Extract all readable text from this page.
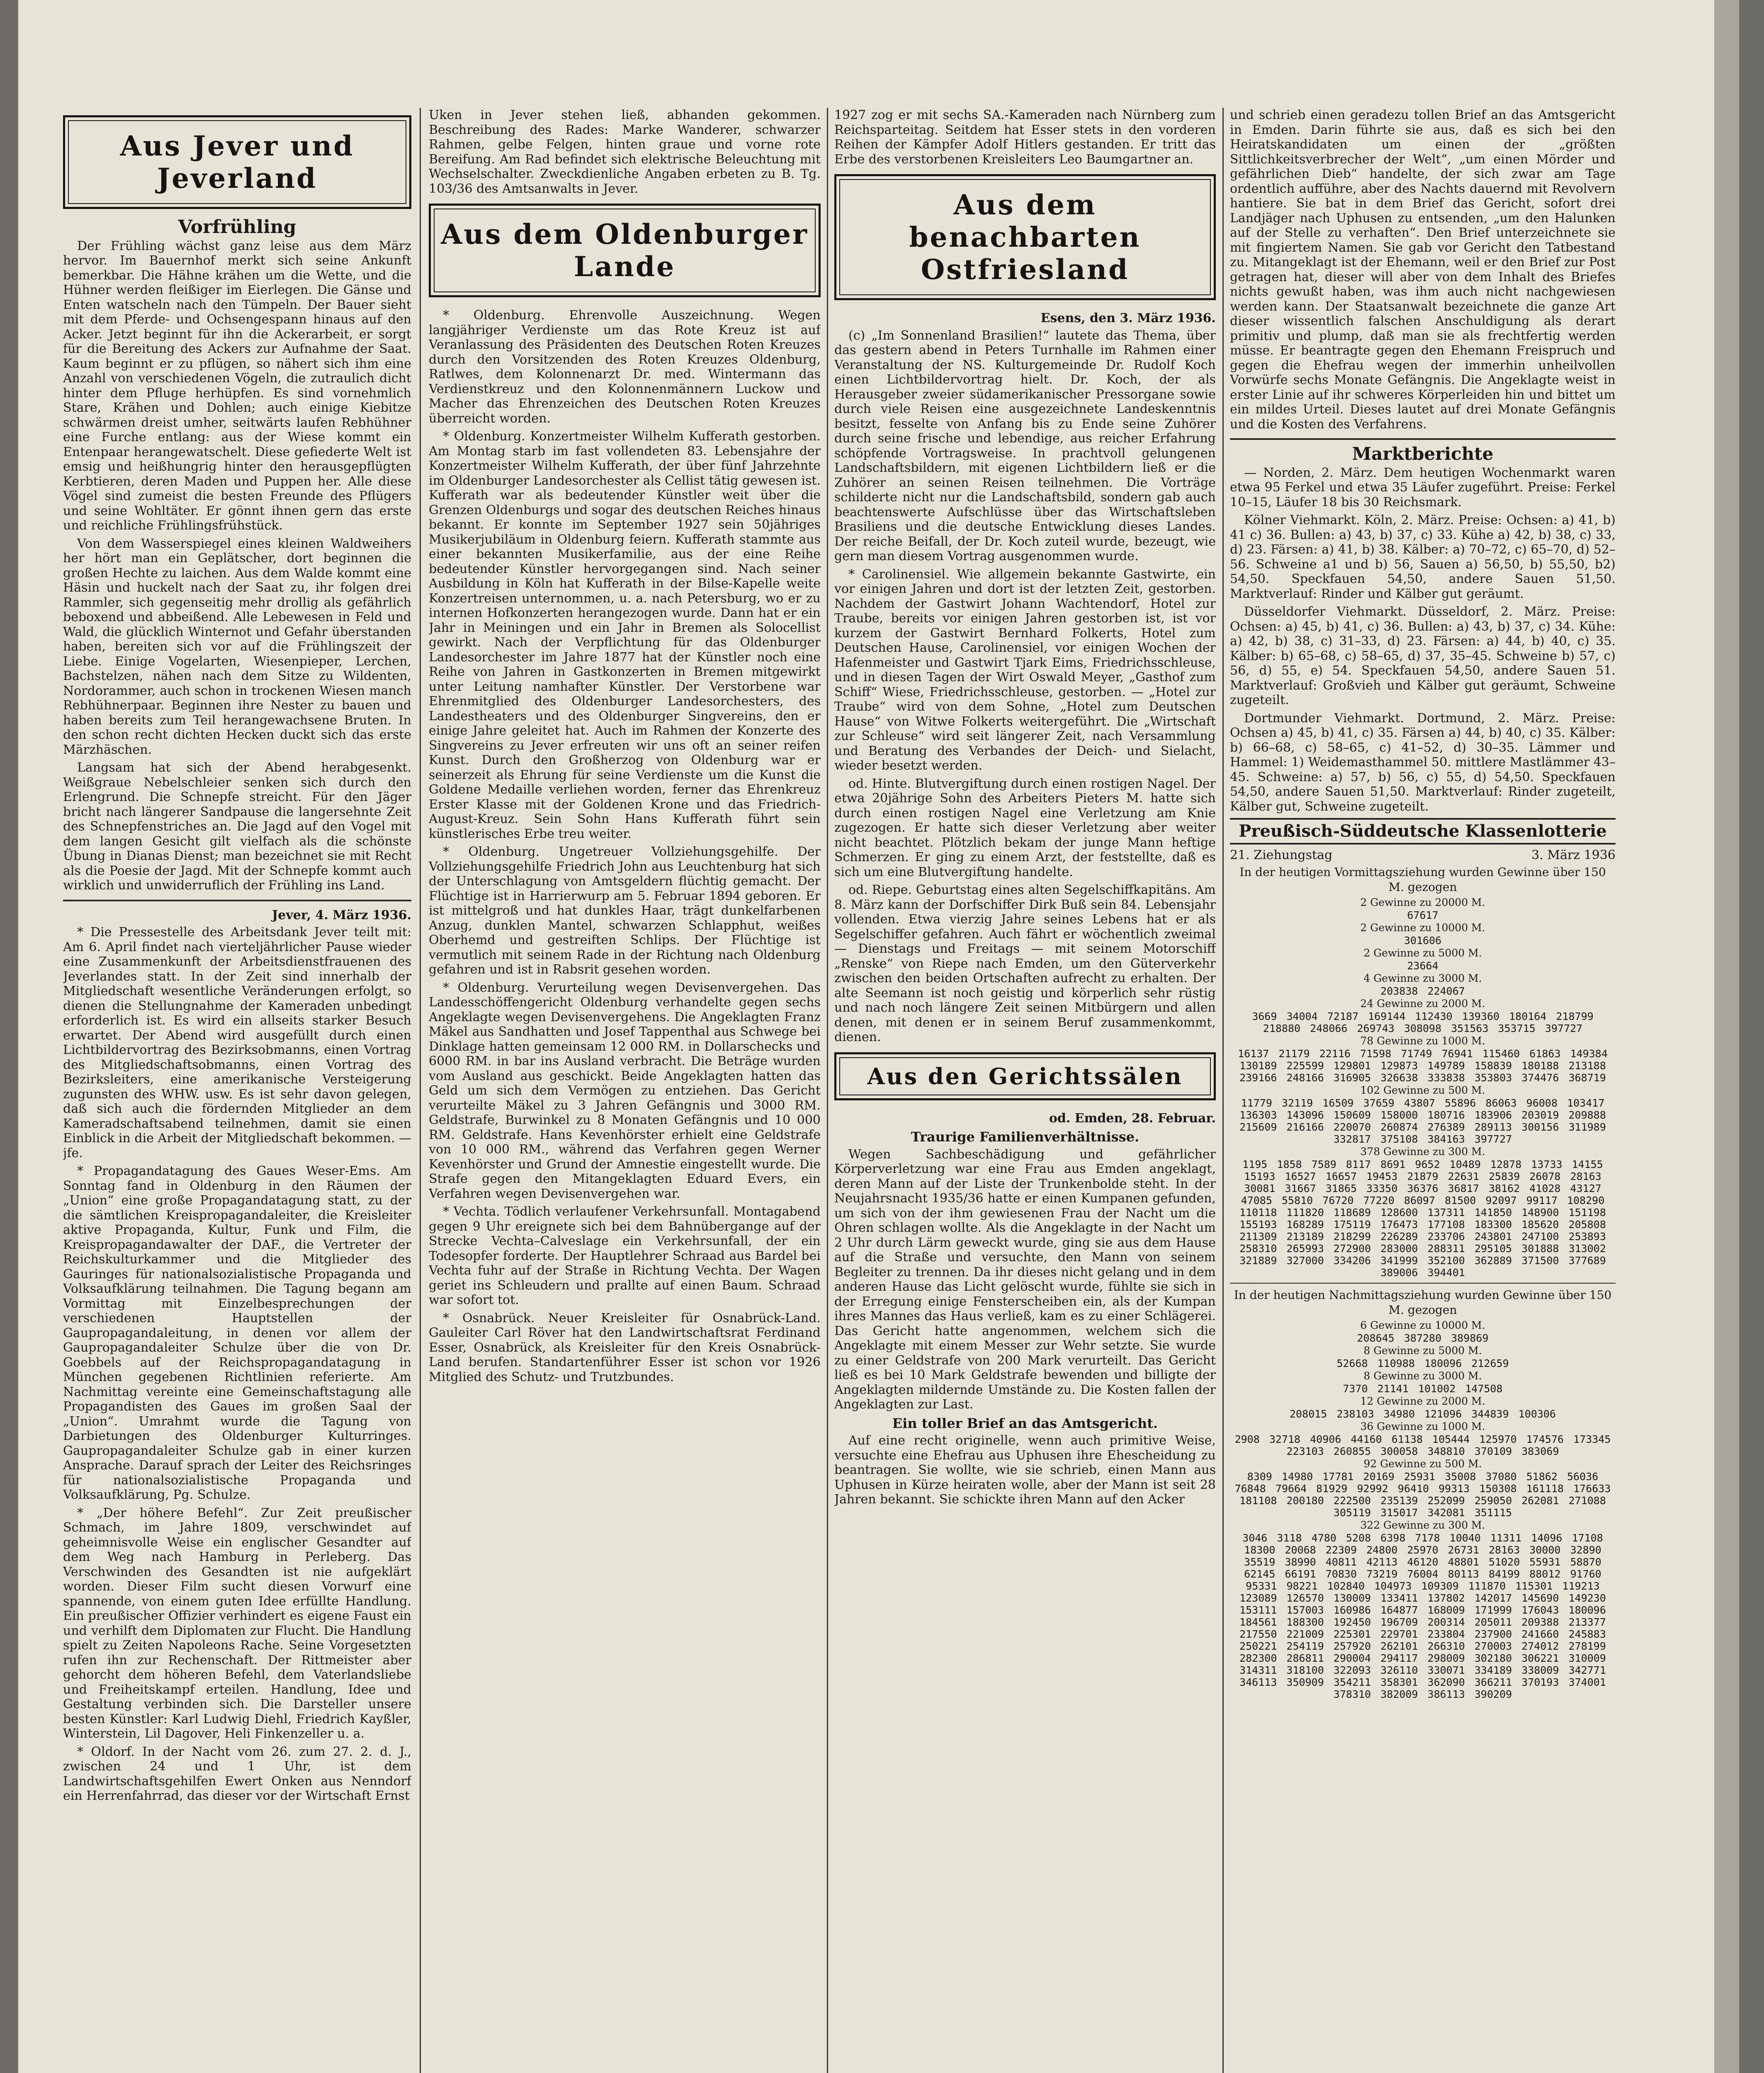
Aus Jever und Jeverland
Vorfrühling

Der Frühling wächst ganz leise aus dem März hervor. Im Bauernhof merkt sich seine Ankunft bemerkbar. Die Hähne krähen um die Wette, und die Hühner werden fleißiger im Eierlegen. Die Gänse und Enten watscheln nach den Tümpeln. Der Bauer sieht mit dem Pferde- und Ochsengespann hinaus auf den Acker. Jetzt beginnt für ihn die Ackerarbeit, er sorgt für die Bereitung des Ackers zur Aufnahme der Saat. Kaum beginnt er zu pflügen, so nähert sich ihm eine Anzahl von verschiedenen Vögeln, die zutraulich dicht hinter dem Pfluge herhüpfen. Es sind vornehmlich Stare, Krähen und Dohlen; auch einige Kiebitze schwärmen dreist umher, seitwärts laufen Rebhühner eine Furche entlang: aus der Wiese kommt ein Entenpaar herangewatschelt. Diese gefiederte Welt ist emsig und heißhungrig hinter den herausgepflügten Kerbtieren, deren Maden und Puppen her. Alle diese Vögel sind zumeist die besten Freunde des Pflügers und seine Wohltäter. Er gönnt ihnen gern das erste und reichliche Frühlingsfrühstück.

Von dem Wasserspiegel eines kleinen Waldweihers her hört man ein Geplätscher, dort beginnen die großen Hechte zu laichen. Aus dem Walde kommt eine Häsin und huckelt nach der Saat zu, ihr folgen drei Rammler, sich gegenseitig mehr drollig als gefährlich beboxend und abbeißend. Alle Lebewesen in Feld und Wald, die glücklich Winternot und Gefahr überstanden haben, bereiten sich vor auf die Frühlingszeit der Liebe. Einige Vogelarten, Wiesenpieper, Lerchen, Bachstelzen, nähen nach dem Sitze zu Wildenten, Nordorammer, auch schon in trockenen Wiesen manch Rebhühnerpaar. Beginnen ihre Nester zu bauen und haben bereits zum Teil herangewachsene Bruten. In den schon recht dichten Hecken duckt sich das erste Märzhäschen.

Langsam hat sich der Abend herabgesenkt. Weißgraue Nebelschleier senken sich durch den Erlengrund. Die Schnepfe streicht. Für den Jäger bricht nach längerer Sandpause die langersehnte Zeit des Schnepfenstriches an. Die Jagd auf den Vogel mit dem langen Gesicht gilt vielfach als die schönste Übung in Dianas Dienst; man bezeichnet sie mit Recht als die Poesie der Jagd. Mit der Schnepfe kommt auch wirklich und unwiderruflich der Frühling ins Land.

Jever, 4. März 1936.

* Die Pressestelle des Arbeitsdank Jever teilt mit: Am 6. April findet nach vierteljährlicher Pause wieder eine Zusammenkunft der Arbeitsdienstfrauenen des Jeverlandes statt. In der Zeit sind innerhalb der Mitgliedschaft wesentliche Veränderungen erfolgt, so dienen die Stellungnahme der Kameraden unbedingt erforderlich ist. Es wird ein allseits starker Besuch erwartet. Der Abend wird ausgefüllt durch einen Lichtbildervortrag des Bezirksobmanns, einen Vortrag des Mitgliedschaftsobmanns, einen Vortrag des Bezirksleiters, eine amerikanische Versteigerung zugunsten des WHW. usw. Es ist sehr davon gelegen, daß sich auch die fördernden Mitglieder an dem Kameradschaftsabend teilnehmen, damit sie einen Einblick in die Arbeit der Mitgliedschaft bekommen. —jfe.

* Propagandatagung des Gaues Weser-Ems. Am Sonntag fand in Oldenburg in den Räumen der „Union“ eine große Propagandatagung statt, zu der die sämtlichen Kreispropagandaleiter, die Kreisleiter aktive Propaganda, Kultur, Funk und Film, die Kreispropagandawalter der DAF., die Vertreter der Reichskulturkammer und die Mitglieder des Gauringes für nationalsozialistische Propaganda und Volksaufklärung teilnahmen. Die Tagung begann am Vormittag mit Einzelbesprechungen der verschiedenen Hauptstellen der Gaupropagandaleitung, in denen vor allem der Gaupropagandaleiter Schulze über die von Dr. Goebbels auf der Reichspropagandatagung in München gegebenen Richtlinien referierte. Am Nachmittag vereinte eine Gemeinschaftstagung alle Propagandisten des Gaues im großen Saal der „Union“. Umrahmt wurde die Tagung von Darbietungen des Oldenburger Kulturringes. Gaupropagandaleiter Schulze gab in einer kurzen Ansprache. Darauf sprach der Leiter des Reichsringes für nationalsozialistische Propaganda und Volksaufklärung, Pg. Schulze.

* „Der höhere Befehl“. Zur Zeit preußischer Schmach, im Jahre 1809, verschwindet auf geheimnisvolle Weise ein englischer Gesandter auf dem Weg nach Hamburg in Perleberg. Das Verschwinden des Gesandten ist nie aufgeklärt worden. Dieser Film sucht diesen Vorwurf eine spannende, von einem guten Idee erfüllte Handlung. Ein preußischer Offizier verhindert es eigene Faust ein und verhilft dem Diplomaten zur Flucht. Die Handlung spielt zu Zeiten Napoleons Rache. Seine Vorgesetzten rufen ihn zur Rechenschaft. Der Rittmeister aber gehorcht dem höheren Befehl, dem Vaterlandsliebe und Freiheitskampf erteilen. Handlung, Idee und Gestaltung verbinden sich. Die Darsteller unsere besten Künstler: Karl Ludwig Diehl, Friedrich Kayßler, Winterstein, Lil Dagover, Heli Finkenzeller u. a.

* Oldorf. In der Nacht vom 26. zum 27. 2. d. J., zwischen 24 und 1 Uhr, ist dem Landwirtschaftsgehilfen Ewert Onken aus Nenndorf ein Herrenfahrrad, das dieser vor der Wirtschaft Ernst

Uken in Jever stehen ließ, abhanden gekommen. Beschreibung des Rades: Marke Wanderer, schwarzer Rahmen, gelbe Felgen, hinten graue und vorne rote Bereifung. Am Rad befindet sich elektrische Beleuchtung mit Wechselschalter. Zweckdienliche Angaben erbeten zu B. Tg. 103/36 des Amtsanwalts in Jever.

Aus dem Oldenburger Lande

* Oldenburg. Ehrenvolle Auszeichnung. Wegen langjähriger Verdienste um das Rote Kreuz ist auf Veranlassung des Präsidenten des Deutschen Roten Kreuzes durch den Vorsitzenden des Roten Kreuzes Oldenburg, Ratlwes, dem Kolonnenarzt Dr. med. Wintermann das Verdienstkreuz und den Kolonnenmännern Luckow und Macher das Ehrenzeichen des Deutschen Roten Kreuzes überreicht worden.

* Oldenburg. Konzertmeister Wilhelm Kufferath gestorben. Am Montag starb im fast vollendeten 83. Lebensjahre der Konzertmeister Wilhelm Kufferath, der über fünf Jahrzehnte im Oldenburger Landesorchester als Cellist tätig gewesen ist. Kufferath war als bedeutender Künstler weit über die Grenzen Oldenburgs und sogar des deutschen Reiches hinaus bekannt. Er konnte im September 1927 sein 50jähriges Musikerjubiläum in Oldenburg feiern. Kufferath stammte aus einer bekannten Musikerfamilie, aus der eine Reihe bedeutender Künstler hervorgegangen sind. Nach seiner Ausbildung in Köln hat Kufferath in der Bilse-Kapelle weite Konzertreisen unternommen, u. a. nach Petersburg, wo er zu internen Hofkonzerten herangezogen wurde. Dann hat er ein Jahr in Meiningen und ein Jahr in Bremen als Solocellist gewirkt. Nach der Verpflichtung für das Oldenburger Landesorchester im Jahre 1877 hat der Künstler noch eine Reihe von Jahren in Gastkonzerten in Bremen mitgewirkt unter Leitung namhafter Künstler. Der Verstorbene war Ehrenmitglied des Oldenburger Landesorchesters, des Landestheaters und des Oldenburger Singvereins, den er einige Jahre geleitet hat. Auch im Rahmen der Konzerte des Singvereins zu Jever erfreuten wir uns oft an seiner reifen Kunst. Durch den Großherzog von Oldenburg war er seinerzeit als Ehrung für seine Verdienste um die Kunst die Goldene Medaille verliehen worden, ferner das Ehrenkreuz Erster Klasse mit der Goldenen Krone und das Friedrich-August-Kreuz. Sein Sohn Hans Kufferath führt sein künstlerisches Erbe treu weiter.

* Oldenburg. Ungetreuer Vollziehungsgehilfe. Der Vollziehungsgehilfe Friedrich John aus Leuchtenburg hat sich der Unterschlagung von Amtsgeldern flüchtig gemacht. Der Flüchtige ist in Harrierwurp am 5. Februar 1894 geboren. Er ist mittelgroß und hat dunkles Haar, trägt dunkelfarbenen Anzug, dunklen Mantel, schwarzen Schlapphut, weißes Oberhemd und gestreiften Schlips. Der Flüchtige ist vermutlich mit seinem Rade in der Richtung nach Oldenburg gefahren und ist in Rabsrit gesehen worden.

* Oldenburg. Verurteilung wegen Devisenvergehen. Das Landesschöffengericht Oldenburg verhandelte gegen sechs Angeklagte wegen Devisenvergehens. Die Angeklagten Franz Mäkel aus Sandhatten und Josef Tappenthal aus Schwege bei Dinklage hatten gemeinsam 12 000 RM. in Dollarschecks und 6000 RM. in bar ins Ausland verbracht. Die Beträge wurden vom Ausland aus geschickt. Beide Angeklagten hatten das Geld um sich dem Vermögen zu entziehen. Das Gericht verurteilte Mäkel zu 3 Jahren Gefängnis und 3000 RM. Geldstrafe, Burwinkel zu 8 Monaten Gefängnis und 10 000 RM. Geldstrafe. Hans Kevenhörster erhielt eine Geldstrafe von 10 000 RM., während das Verfahren gegen Werner Kevenhörster und Grund der Amnestie eingestellt wurde. Die Strafe gegen den Mitangeklagten Eduard Evers, ein Verfahren wegen Devisenvergehen war.

* Vechta. Tödlich verlaufener Verkehrsunfall. Montagabend gegen 9 Uhr ereignete sich bei dem Bahnübergange auf der Strecke Vechta–Calveslage ein Verkehrsunfall, der ein Todesopfer forderte. Der Hauptlehrer Schraad aus Bardel bei Vechta fuhr auf der Straße in Richtung Vechta. Der Wagen geriet ins Schleudern und prallte auf einen Baum. Schraad war sofort tot.

* Osnabrück. Neuer Kreisleiter für Osnabrück-Land. Gauleiter Carl Röver hat den Landwirtschaftsrat Ferdinand Esser, Osnabrück, als Kreisleiter für den Kreis Osnabrück-Land berufen. Standartenführer Esser ist schon vor 1926 Mitglied des Schutz- und Trutzbundes.

1927 zog er mit sechs SA.-Kameraden nach Nürnberg zum Reichsparteitag. Seitdem hat Esser stets in den vorderen Reihen der Kämpfer Adolf Hitlers gestanden. Er tritt das Erbe des verstorbenen Kreisleiters Leo Baumgartner an.

Aus dem benachbarten Ostfriesland
Esens, den 3. März 1936.

(c) „Im Sonnenland Brasilien!“ lautete das Thema, über das gestern abend in Peters Turnhalle im Rahmen einer Veranstaltung der NS. Kulturgemeinde Dr. Rudolf Koch einen Lichtbildervortrag hielt. Dr. Koch, der als Herausgeber zweier südamerikanischer Pressorgane sowie durch viele Reisen eine ausgezeichnete Landeskenntnis besitzt, fesselte von Anfang bis zu Ende seine Zuhörer durch seine frische und lebendige, aus reicher Erfahrung schöpfende Vortragsweise. In prachtvoll gelungenen Landschaftsbildern, mit eigenen Lichtbildern ließ er die Zuhörer an seinen Reisen teilnehmen. Die Vorträge schilderte nicht nur die Landschaftsbild, sondern gab auch beachtenswerte Aufschlüsse über das Wirtschaftsleben Brasiliens und die deutsche Entwicklung dieses Landes. Der reiche Beifall, der Dr. Koch zuteil wurde, bezeugt, wie gern man diesem Vortrag ausgenommen wurde.

* Carolinensiel. Wie allgemein bekannte Gastwirte, ein vor einigen Jahren und dort ist der letzten Zeit, gestorben. Nachdem der Gastwirt Johann Wachtendorf, Hotel zur Traube, bereits vor einigen Jahren gestorben ist, ist vor kurzem der Gastwirt Bernhard Folkerts, Hotel zum Deutschen Hause, Carolinensiel, vor einigen Wochen der Hafenmeister und Gastwirt Tjark Eims, Friedrichsschleuse, und in diesen Tagen der Wirt Oswald Meyer, „Gasthof zum Schiff“ Wiese, Friedrichsschleuse, gestorben. — „Hotel zur Traube“ wird von dem Sohne, „Hotel zum Deutschen Hause“ von Witwe Folkerts weitergeführt. Die „Wirtschaft zur Schleuse“ wird seit längerer Zeit, nach Versammlung und Beratung des Verbandes der Deich- und Sielacht, wieder besetzt werden.

od. Hinte. Blutvergiftung durch einen rostigen Nagel. Der etwa 20jährige Sohn des Arbeiters Pieters M. hatte sich durch einen rostigen Nagel eine Verletzung am Knie zugezogen. Er hatte sich dieser Verletzung aber weiter nicht beachtet. Plötzlich bekam der junge Mann heftige Schmerzen. Er ging zu einem Arzt, der feststellte, daß es sich um eine Blutvergiftung handelte.

od. Riepe. Geburtstag eines alten Segelschiffkapitäns. Am 8. März kann der Dorfschiffer Dirk Buß sein 84. Lebensjahr vollenden. Etwa vierzig Jahre seines Lebens hat er als Segelschiffer gefahren. Auch fährt er wöchentlich zweimal — Dienstags und Freitags — mit seinem Motorschiff „Renske“ von Riepe nach Emden, um den Güterverkehr zwischen den beiden Ortschaften aufrecht zu erhalten. Der alte Seemann ist noch geistig und körperlich sehr rüstig und nach noch längere Zeit seinen Mitbürgern und allen denen, mit denen er in seinem Beruf zusammenkommt, dienen.

Aus den Gerichtssälen
od. Emden, 28. Februar.
Traurige Familienverhältnisse.

Wegen Sachbeschädigung und gefährlicher Körperverletzung war eine Frau aus Emden angeklagt, deren Mann auf der Liste der Trunkenbolde steht. In der Neujahrsnacht 1935/36 hatte er einen Kumpanen gefunden, um sich von der ihm gewiesenen Frau der Nacht um die Ohren schlagen wollte. Als die Angeklagte in der Nacht um 2 Uhr durch Lärm geweckt wurde, ging sie aus dem Hause auf die Straße und versuchte, den Mann von seinem Begleiter zu trennen. Da ihr dieses nicht gelang und in dem anderen Hause das Licht gelöscht wurde, fühlte sie sich in der Erregung einige Fensterscheiben ein, als der Kumpan ihres Mannes das Haus verließ, kam es zu einer Schlägerei. Das Gericht hatte angenommen, welchem sich die Angeklagte mit einem Messer zur Wehr setzte. Sie wurde zu einer Geldstrafe von 200 Mark verurteilt. Das Gericht ließ es bei 10 Mark Geldstrafe bewenden und billigte der Angeklagten mildernde Umstände zu. Die Kosten fallen der Angeklagten zur Last.

Ein toller Brief an das Amtsgericht.

Auf eine recht originelle, wenn auch primitive Weise, versuchte eine Ehefrau aus Uphusen ihre Ehescheidung zu beantragen. Sie wollte, wie sie schrieb, einen Mann aus Uphusen in Kürze heiraten wolle, aber der Mann ist seit 28 Jahren bekannt. Sie schickte ihren Mann auf den Acker

und schrieb einen geradezu tollen Brief an das Amtsgericht in Emden. Darin führte sie aus, daß es sich bei den Heiratskandidaten um einen der „größten Sittlichkeitsverbrecher der Welt“, „um einen Mörder und gefährlichen Dieb“ handelte, der sich zwar am Tage ordentlich aufführe, aber des Nachts dauernd mit Revolvern hantiere. Sie bat in dem Brief das Gericht, sofort drei Landjäger nach Uphusen zu entsenden, „um den Halunken auf der Stelle zu verhaften“. Den Brief unterzeichnete sie mit fingiertem Namen. Sie gab vor Gericht den Tatbestand zu. Mitangeklagt ist der Ehemann, weil er den Brief zur Post getragen hat, dieser will aber von dem Inhalt des Briefes nichts gewußt haben, was ihm auch nicht nachgewiesen werden kann. Der Staatsanwalt bezeichnete die ganze Art dieser wissentlich falschen Anschuldigung als derart primitiv und plump, daß man sie als frechtfertig werden müsse. Er beantragte gegen den Ehemann Freispruch und gegen die Ehefrau wegen der immerhin unheilvollen Vorwürfe sechs Monate Gefängnis. Die Angeklagte weist in erster Linie auf ihr schweres Körperleiden hin und bittet um ein mildes Urteil. Dieses lautet auf drei Monate Gefängnis und die Kosten des Verfahrens.

Marktberichte

— Norden, 2. März. Dem heutigen Wochenmarkt waren etwa 95 Ferkel und etwa 35 Läufer zugeführt. Preise: Ferkel 10–15, Läufer 18 bis 30 Reichsmark.

Kölner Viehmarkt. Köln, 2. März. Preise: Ochsen: a) 41, b) 41 c) 36. Bullen: a) 43, b) 37, c) 33. Kühe a) 42, b) 38, c) 33, d) 23. Färsen: a) 41, b) 38. Kälber: a) 70–72, c) 65–70, d) 52–56. Schweine a1 und b) 56, Sauen a) 56,50, b) 55,50, b2) 54,50. Speckfauen 54,50, andere Sauen 51,50. Marktverlauf: Rinder und Kälber gut geräumt.

Düsseldorfer Viehmarkt. Düsseldorf, 2. März. Preise: Ochsen: a) 45, b) 41, c) 36. Bullen: a) 43, b) 37, c) 34. Kühe: a) 42, b) 38, c) 31–33, d) 23. Färsen: a) 44, b) 40, c) 35. Kälber: b) 65–68, c) 58–65, d) 37, 35–45. Schweine b) 57, c) 56, d) 55, e) 54. Speckfauen 54,50, andere Sauen 51. Marktverlauf: Großvieh und Kälber gut geräumt, Schweine zugeteilt.

Dortmunder Viehmarkt. Dortmund, 2. März. Preise: Ochsen a) 45, b) 41, c) 35. Färsen a) 44, b) 40, c) 35. Kälber: b) 66–68, c) 58–65, c) 41–52, d) 30–35. Lämmer und Hammel: 1) Weidemasthammel 50. mittlere Mastlämmer 43–45. Schweine: a) 57, b) 56, c) 55, d) 54,50. Speckfauen 54,50, andere Sauen 51,50. Marktverlauf: Rinder zugeteilt, Kälber gut, Schweine zugeteilt.

Preußisch-Süddeutsche Klassenlotterie
21. Ziehungstag	3. März 1936
In der heutigen Vormittagsziehung wurden Gewinne über 150 M. gezogen
2 Gewinne zu 20000 M.
67617
2 Gewinne zu 10000 M.
301606
2 Gewinne zu 5000 M.
23664
4 Gewinne zu 3000 M.
203838 224067
24 Gewinne zu 2000 M.
3669 34004 72187 169144 112430 139360 180164 218799 218880 248066 269743 308098 351563 353715 397727
78 Gewinne zu 1000 M.
16137 21179 22116 71598 71749 76941 115460 61863 149384 130189 225599 129801 129873 149789 158839 180188 213188 239166 248166 316905 326638 333838 353803 374476 368719
102 Gewinne zu 500 M.
11779 32119 16509 37659 43807 55896 86063 96008 103417 136303 143096 150609 158000 180716 183906 203019 209888 215609 216166 220070 260874 276389 289113 300156 311989 332817 375108 384163 397727
378 Gewinne zu 300 M.
1195 1858 7589 8117 8691 9652 10489 12878 13733 14155 15193 16527 16657 19453 21879 22631 25839 26078 28163 30081 31667 31865 33350 36376 36817 38162 41028 43127 47085 55810 76720 77220 86097 81500 92097 99117 108290 110118 111820 118689 128600 137311 141850 148900 151198 155193 168289 175119 176473 177108 183300 185620 205808 211309 213189 218299 226289 233706 243801 247100 253893 258310 265993 272900 283000 288311 295105 301888 313002 321889 327000 334206 341999 352100 362889 371500 377689 389006 394401
In der heutigen Nachmittagsziehung wurden Gewinne über 150 M. gezogen
6 Gewinne zu 10000 M.
208645 387280 389869
8 Gewinne zu 5000 M.
52668 110988 180096 212659
8 Gewinne zu 3000 M.
7370 21141 101002 147508
12 Gewinne zu 2000 M.
208015 238103 34980 121096 344839 100306
36 Gewinne zu 1000 M.
2908 32718 40906 44160 61138 105444 125970 174576 173345 223103 260855 300058 348810 370109 383069
92 Gewinne zu 500 M.
8309 14980 17781 20169 25931 35008 37080 51862 56036 76848 79664 81929 92992 96410 99313 150308 161118 176633 181108 200180 222500 235139 252099 259050 262081 271088 305119 315017 342081 351115
322 Gewinne zu 300 M.
3046 3118 4780 5208 6398 7178 10040 11311 14096 17108 18300 20068 22309 24800 25970 26731 28163 30000 32890 35519 38990 40811 42113 46120 48801 51020 55931 58870 62145 66191 70830 73219 76004 80113 84199 88012 91760 95331 98221 102840 104973 109309 111870 115301 119213 123089 126570 130009 133411 137802 142017 145690 149230 153111 157003 160986 164877 168009 171999 176043 180096 184561 188300 192450 196709 200314 205011 209388 213377 217550 221009 225301 229701 233804 237900 241660 245883 250221 254119 257920 262101 266310 270003 274012 278199 282300 286811 290004 294117 298009 302180 306221 310009 314311 318100 322093 326110 330071 334189 338009 342771 346113 350909 354211 358301 362090 366211 370193 374001 378310 382009 386113 390209
